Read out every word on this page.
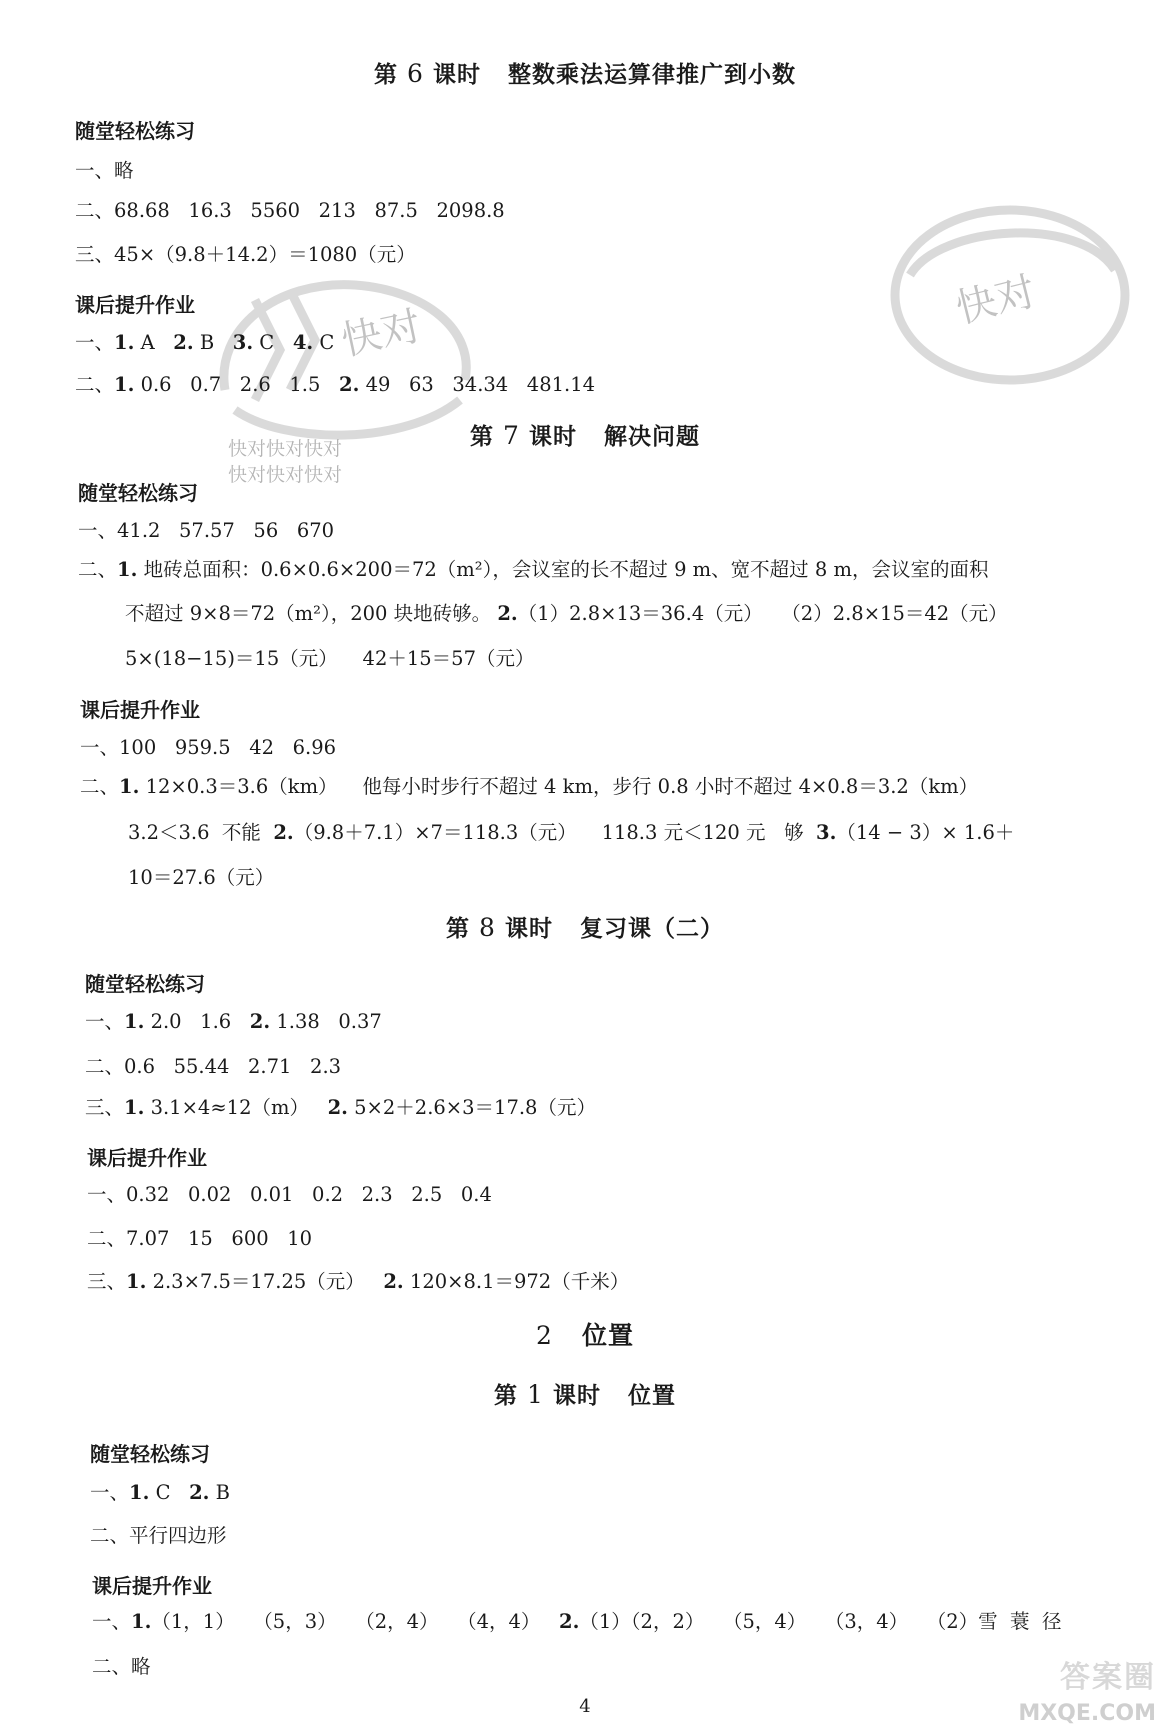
快对
快对
快对快对快对
快对快对快对
第 6 课时 整数乘法运算律推广到小数
随堂轻松练习
一、略
二、68.68   16.3   5560   213   87.5   2098.8
三、45×（9.8＋14.2）＝1080（元）
课后提升作业
一、1. A   2. B   3. C   4. C
二、1. 0.6   0.7   2.6   1.5   2. 49   63   34.34   481.14
第 7 课时 解决问题
随堂轻松练习
一、41.2   57.57   56   670
二、1. 地砖总面积：0.6×0.6×200＝72（m²），会议室的长不超过 9 m、宽不超过 8 m，会议室的面积
不超过 9×8＝72（m²），200 块地砖够。 2.（1）2.8×13＝36.4（元）   （2）2.8×15＝42（元）
5×(18−15)＝15（元）    42＋15＝57（元）
课后提升作业
一、100   959.5   42   6.96
二、1. 12×0.3＝3.6（km）    他每小时步行不超过 4 km，步行 0.8 小时不超过 4×0.8＝3.2（km）
3.2＜3.6  不能  2.（9.8＋7.1）×7＝118.3（元）    118.3 元＜120 元   够  3.（14 − 3）× 1.6＋
10＝27.6（元）
第 8 课时 复习课（二）
随堂轻松练习
一、1. 2.0   1.6   2. 1.38   0.37
二、0.6   55.44   2.71   2.3
三、1. 3.1×4≈12（m）   2. 5×2＋2.6×3＝17.8（元）
课后提升作业
一、0.32   0.02   0.01   0.2   2.3   2.5   0.4
二、7.07   15   600   10
三、1. 2.3×7.5＝17.25（元）   2. 120×8.1＝972（千米）
2 位置
第 1 课时 位置
随堂轻松练习
一、1. C   2. B
二、平行四边形
课后提升作业
一、1.（1，1）   （5，3）   （2，4）   （4，4）   2.（1）（2，2）   （5，4）   （3，4）   （2）雪  蓑  径
二、略
4
答案圈
MXQE.COM
